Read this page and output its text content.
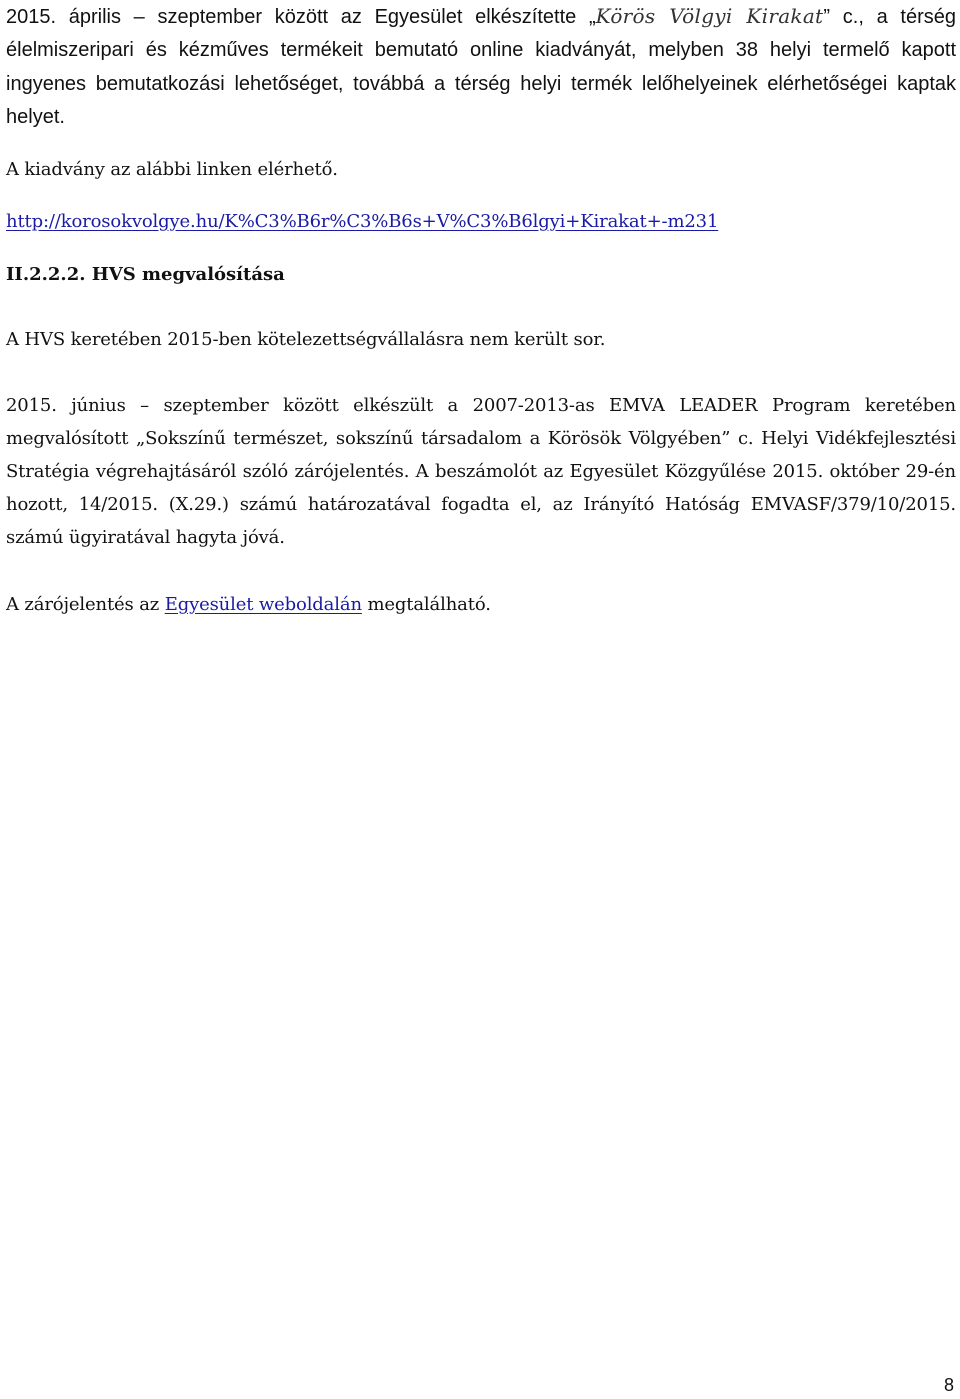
2015. április – szeptember között az Egyesület elkészítette „Körös Völgyi Kirakat” c., a térség élelmiszeripari és kézműves termékeit bemutató online kiadványát, melyben 38 helyi termelő kapott ingyenes bemutatkozási lehetőséget, továbbá a térség helyi termék lelőhelyeinek elérhetőségei kaptak helyet.

A kiadvány az alábbi linken elérhető.

http://korosokvolgye.hu/K%C3%B6r%C3%B6s+V%C3%B6lgyi+Kirakat+-m231

II.2.2.2. HVS megvalósítása

A HVS keretében 2015-ben kötelezettségvállalásra nem került sor.

2015. június – szeptember között elkészült a 2007-2013-as EMVA LEADER Program keretében megvalósított „Sokszínű természet, sokszínű társadalom a Körösök Völgyében” c. Helyi Vidékfejlesztési Stratégia végrehajtásáról szóló zárójelentés. A beszámolót az Egyesület Közgyűlése 2015. október 29-én hozott, 14/2015. (X.29.) számú határozatával fogadta el, az Irányító Hatóság EMVASF/379/10/2015. számú ügyiratával hagyta jóvá.

A zárójelentés az Egyesület weboldalán megtalálható.

8
